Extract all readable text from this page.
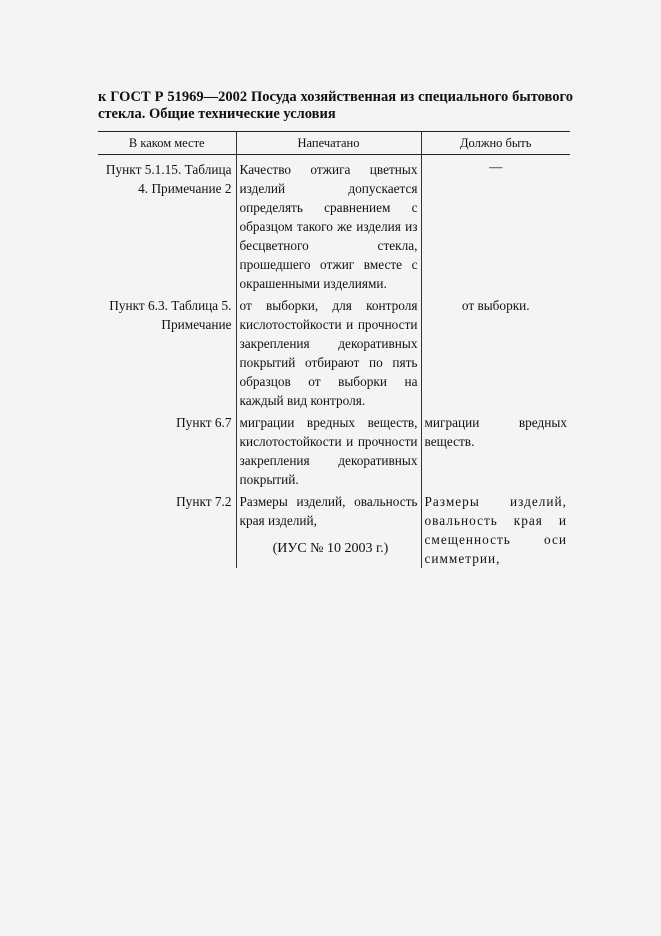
к ГОСТ Р 51969—2002 Посуда хозяйственная из специального бытового стекла. Общие технические условия
В каком месте	Напечатано	Должно быть
Пункт 5.1.15. Таблица 4. Примечание 2	Качество отжига цветных изделий допускается определять сравнением с образцом такого же изделия из бесцветного стекла, прошедшего отжиг вместе с окрашенными изделиями.	—
Пункт 6.3. Таблица 5. Примечание	от выборки, для контроля кислотостойкости и прочности закрепления декоративных покрытий отбирают по пять образцов от выборки на каждый вид контроля.	от выборки.
Пункт 6.7	миграции вредных веществ, кислотостойкости и прочности закрепления декоративных покрытий.	миграции вредных веществ.
Пункт 7.2	Размеры изделий, овальность края изделий,	Размеры изделий, овальность края и смещенность оси симметрии,
(ИУС № 10 2003 г.)
